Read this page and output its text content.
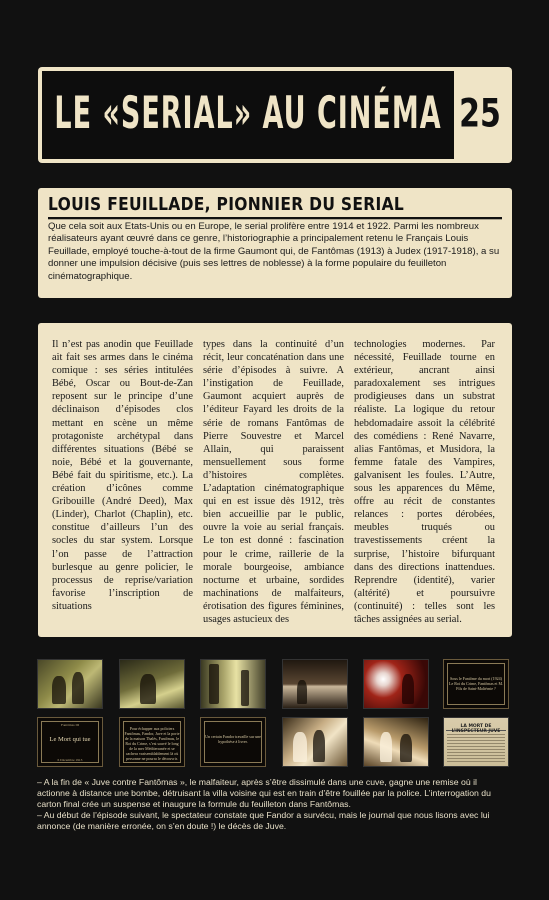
LE «SERIAL» AU CINÉMA 25
LOUIS FEUILLADE, PIONNIER DU SERIAL
Que cela soit aux Etats-Unis ou en Europe, le serial prolifère entre 1914 et 1922. Parmi les nombreux réalisateurs ayant œuvré dans ce genre, l’historiographie a principalement retenu le Français Louis Feuillade, employé touche-à-tout de la firme Gaumont qui, de Fantômas (1913) à Judex (1917-1918), a su donner une impulsion décisive (puis ses lettres de noblesse) à la forme populaire du feuilleton cinématographique.
Il n’est pas anodin que Feuillade ait fait ses armes dans le cinéma comique : ses séries intitulées Bébé, Oscar ou Bout-de-Zan reposent sur le principe d’une déclinaison d’épisodes clos mettant en scène un même protagoniste archétypal dans différentes situations (Bébé se noie, Bébé et la gouvernante, Bébé fait du spiritisme, etc.). La création d’icônes comme Gribouille (André Deed), Max (Linder), Charlot (Chaplin), etc. constitue d’ailleurs l’un des socles du star system. Lorsque l’on passe de l’attraction burlesque au genre policier, le processus de reprise/variation favorise l’inscription de situations
types dans la continuité d’un récit, leur concaténation dans une série d’épisodes à suivre. A l’instigation de Feuillade, Gaumont acquiert auprès de l’éditeur Fayard les droits de la série de romans Fantômas de Pierre Souvestre et Marcel Allain, qui paraissent mensuellement sous forme d’histoires complètes. L’adaptation cinématographique qui en est issue dès 1912, très bien accueillie par le public, ouvre la voie au serial français. Le ton est donné : fascination pour le crime, raillerie de la morale bourgeoise, ambiance nocturne et urbaine, sordides machinations de malfaiteurs, érotisation des figures féminines, usages astucieux des
technologies modernes. Par nécessité, Feuillade tourne en extérieur, ancrant ainsi paradoxalement ses intrigues prodigieuses dans un substrat réaliste. La logique du retour hebdomadaire assoit la célébrité des comédiens : René Navarre, alias Fantômas, et Musidora, la femme fatale des Vampires, galvanisent les foules. L’Autre, sous les apparences du Même, offre au récit de constantes relances : portes dérobées, meubles truqués ou travestissements créent la surprise, l’histoire bifurquant dans des directions inattendues. Reprendre (identité), varier (altérité) et poursuivre (continuité) : telles sont les tâches assignées au serial.
Sous le Fantôme du mort (1924) Le Roi du Crime, Fantômas et M. Fils de Saint-Maltérnie ?
Fantômas III
Le Mort qui tue
6 Décembre 1913
Pour échapper aux policiers Fantômas, Fandor, Juve et la porte de la maison Thalès, Fantômas, le Roi du Crime, s’est sauvé le long de la mer Méditerranée et se cachera vraisemblablement là où personne ne pourra le découvrir.
Un certain Fandor travaille sur une hypothèse à livrer.
LA MORT DE L’INSPECTEUR JUVE

– A la fin de « Juve contre Fantômas », le malfaiteur, après s’être dissimulé dans une cuve, gagne une remise où il actionne à distance une bombe, détruisant la villa voisine qui est en train d’être fouillée par la police. L’interrogation du carton final crée un suspense et inaugure la formule du feuilleton dans Fantômas.

– Au début de l’épisode suivant, le spectateur constate que Fandor a survécu, mais le journal que nous lisons avec lui annonce (de manière erronée, on s’en doute !) le décès de Juve.
